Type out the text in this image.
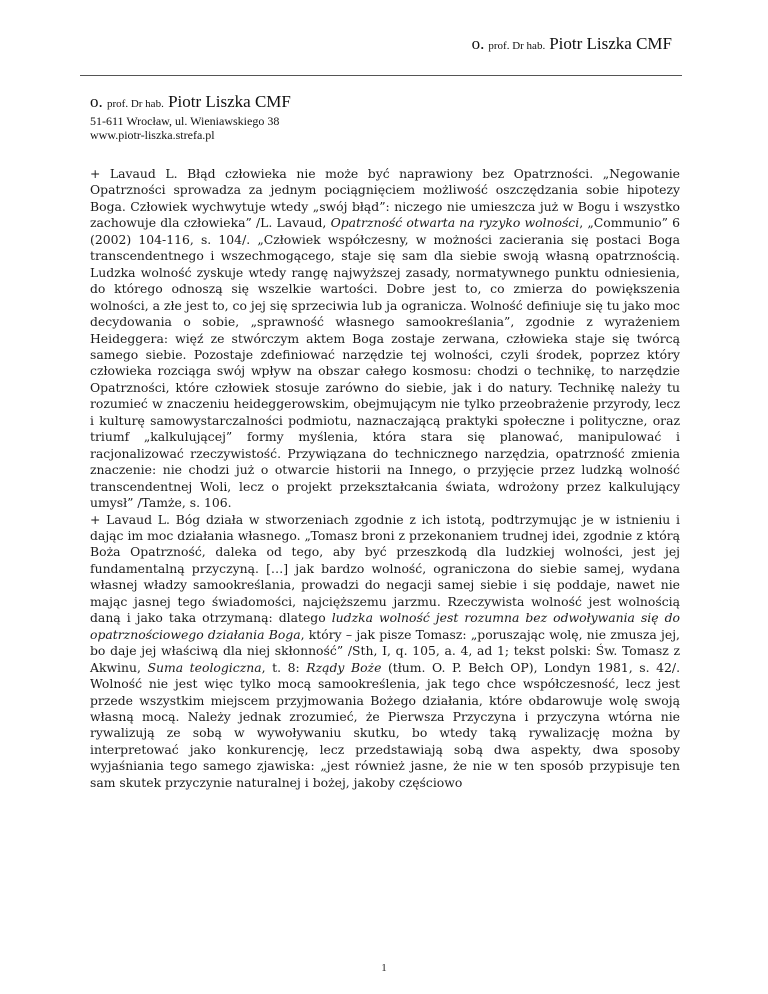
o. prof. Dr hab. Piotr Liszka CMF
o. prof. Dr hab. Piotr Liszka CMF
51-611 Wrocław, ul. Wieniawskiego 38
www.piotr-liszka.strefa.pl

+ Lavaud L. Błąd człowieka nie może być naprawiony bez Opatrzności. „Negowanie Opatrzności sprowadza za jednym pociągnięciem możliwość oszczędzania sobie hipotezy Boga. Człowiek wychwytuje wtedy „swój błąd”: niczego nie umieszcza już w Bogu i wszystko zachowuje dla człowieka” /L. Lavaud, Opatrzność otwarta na ryzyko wolności, „Communio” 6 (2002) 104-116, s. 104/. „Człowiek współczesny, w możności zacierania się postaci Boga transcendentnego i wszechmogącego, staje się sam dla siebie swoją własną opatrznością. Ludzka wolność zyskuje wtedy rangę najwyższej zasady, normatywnego punktu odniesienia, do którego odnoszą się wszelkie wartości. Dobre jest to, co zmierza do powiększenia wolności, a złe jest to, co jej się sprzeciwia lub ja ogranicza. Wolność definiuje się tu jako moc decydowania o sobie, „sprawność własnego samookreślania”, zgodnie z wyrażeniem Heideggera: więź ze stwórczym aktem Boga zostaje zerwana, człowieka staje się twórcą samego siebie. Pozostaje zdefiniować narzędzie tej wolności, czyli środek, poprzez który człowieka rozciąga swój wpływ na obszar całego kosmosu: chodzi o technikę, to narzędzie Opatrzności, które człowiek stosuje zarówno do siebie, jak i do natury. Technikę należy tu rozumieć w znaczeniu heideggerowskim, obejmującym nie tylko przeobrażenie przyrody, lecz i kulturę samowystarczalności podmiotu, naznaczającą praktyki społeczne i polityczne, oraz triumf „kalkulującej” formy myślenia, która stara się planować, manipulować i racjonalizować rzeczywistość. Przywiązana do technicznego narzędzia, opatrzność zmienia znaczenie: nie chodzi już o otwarcie historii na Innego, o przyjęcie przez ludzką wolność transcendentnej Woli, lecz o projekt przekształcania świata, wdrożony przez kalkulujący umysł” /Tamże, s. 106.

+ Lavaud L. Bóg działa w stworzeniach zgodnie z ich istotą, podtrzymując je w istnieniu i dając im moc działania własnego. „Tomasz broni z przekonaniem trudnej idei, zgodnie z którą Boża Opatrzność, daleka od tego, aby być przeszkodą dla ludzkiej wolności, jest jej fundamentalną przyczyną. […] jak bardzo wolność, ograniczona do siebie samej, wydana własnej władzy samookreślania, prowadzi do negacji samej siebie i się poddaje, nawet nie mając jasnej tego świadomości, najcięższemu jarzmu. Rzeczywista wolność jest wolnością daną i jako taka otrzymaną: dlatego ludzka wolność jest rozumna bez odwoływania się do opatrznościowego działania Boga, który – jak pisze Tomasz: „poruszając wolę, nie zmusza jej, bo daje jej właściwą dla niej skłonność” /Sth, I, q. 105, a. 4, ad 1; tekst polski: Św. Tomasz z Akwinu, Suma teologiczna, t. 8: Rządy Boże (tłum. O. P. Bełch OP), Londyn 1981, s. 42/. Wolność nie jest więc tylko mocą samookreślenia, jak tego chce współczesność, lecz jest przede wszystkim miejscem przyjmowania Bożego działania, które obdarowuje wolę swoją własną mocą. Należy jednak zrozumieć, że Pierwsza Przyczyna i przyczyna wtórna nie rywalizują ze sobą w wywoływaniu skutku, bo wtedy taką rywalizację można by interpretować jako konkurencję, lecz przedstawiają sobą dwa aspekty, dwa sposoby wyjaśniania tego samego zjawiska: „jest również jasne, że nie w ten sposób przypisuje ten sam skutek przyczynie naturalnej i bożej, jakoby częściowo

1
